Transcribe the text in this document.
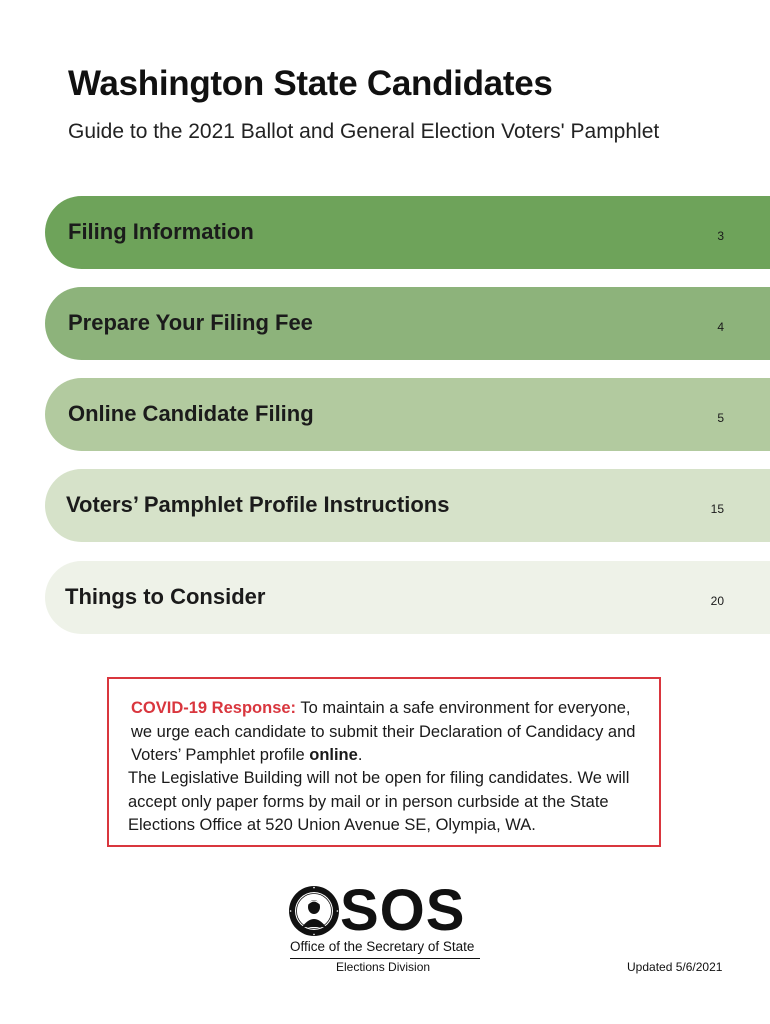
Washington State Candidates

Guide to the 2021 Ballot and General Election Voters' Pamphlet

Filing Information	3
Prepare Your Filing Fee	4
Online Candidate Filing	5
Voters’ Pamphlet Profile Instructions	15
Things to Consider	20
COVID-19 Response: To maintain a safe environment for everyone, we urge each candidate to submit their Declaration of Candidacy and Voters’ Pamphlet profile online.
The Legislative Building will not be open for filing candidates. We will accept only paper forms by mail or in person curbside at the State Elections Office at 520 Union Avenue SE, Olympia, WA.
SOS
Office of the Secretary of State
Elections Division	Updated 5/6/2021
